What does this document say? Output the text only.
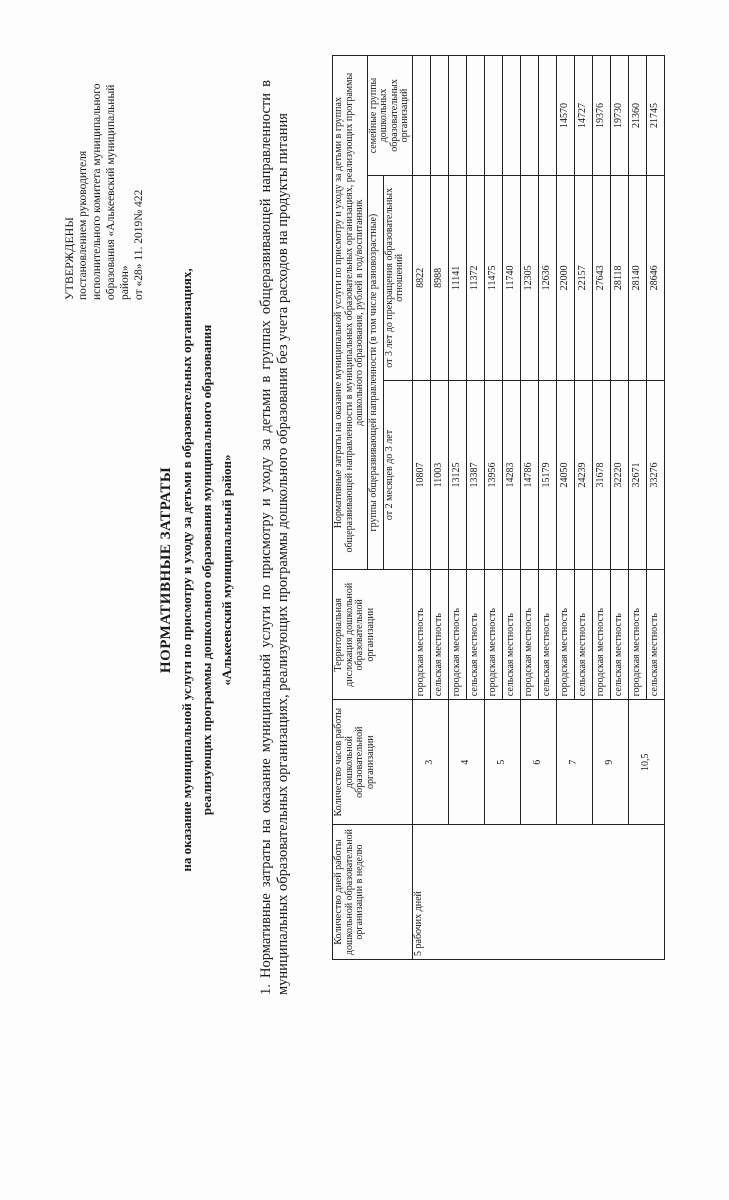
УТВЕРЖДЕНЫ постановлением руководителя исполнительного комитета муниципального образования «Алькеевский муниципальный район» от «28» 11. 2019№ 422
НОРМАТИВНЫЕ ЗАТРАТЫ на оказание муниципальной услуги по присмотру и уходу за детьми в образовательных организациях, реализующих программы дошкольного образования муниципального образования «Алькеевский муниципальный район» 1. Нормативные затраты на оказание муниципальной услуги по присмотру и уходу за детьми в группах общеразвивающей направленности в муниципальных образовательных организациях, реализующих программы дошкольного образования без учета расходов на продукты питания	Количество дней работы дошкольной образовательной организации в неделю	Количество часов работы дошкольной образовательной организации	Территориальная дислокация дошкольной образовательной организации	Нормативные затраты на оказание муниципальной услуги по присмотру и уходу за детьми в группах общеразвивающей направленности в муниципальных образовательных организациях, реализующих программы дошкольного образования, рублей в год/воспитанник		
			группы общеразвивающей направленности (в том числе разновозрастные)		семейные группы дошкольных образовательных организаций
			от 2 месяцев до 3 лет	от 3 лет до прекращения образовательных отношений	
5 рабочих дней	3	городская местность	10807	8822	
		сельская местность	11003	8988	
	4	городская местность	13125	11141	
		сельская местность	13387	11372	
	5	городская местность	13956	11475	
		сельская местность	14283	11740	
	6	городская местность	14786	12305	
		сельская местность	15179	12636	
	7	городская местность	24050	22000	14570
		сельская местность	24239	22157	14727
	9	городская местность	31678	27643	19376
		сельская местность	32220	28118	19730
	10,5	городская местность	32671	28140	21360
		сельская местность	33276	28646	21745
